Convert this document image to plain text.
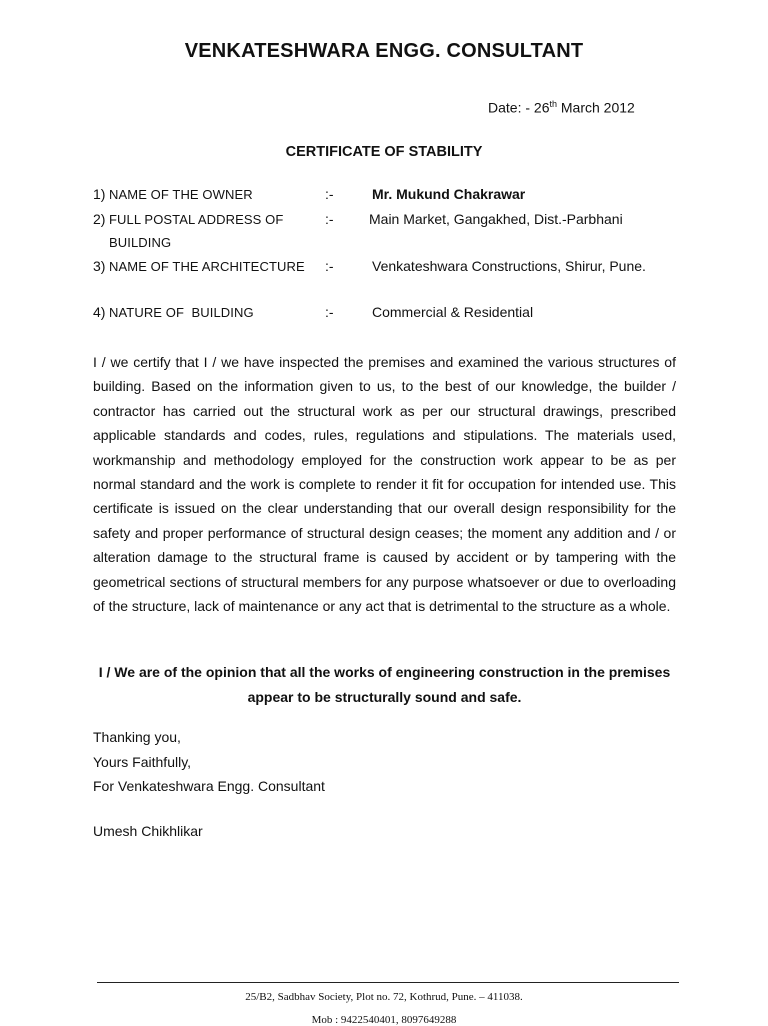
VENKATESHWARA ENGG. CONSULTANT
Date: - 26th March 2012
CERTIFICATE OF STABILITY
1) NAME OF THE OWNER	:-	Mr. Mukund Chakrawar
2) FULL POSTAL ADDRESS OF
BUILDING
:-	Main Market, Gangakhed, Dist.-Parbhani
3) NAME OF THE ARCHITECTURE :-	Venkateshwara Constructions, Shirur, Pune.
4) NATURE OF  BUILDING	:-	Commercial & Residential

I / we certify that I / we have inspected the premises and examined the various structures of building. Based on the information given to us, to the best of our knowledge, the builder / contractor has carried out the structural work as per our structural drawings, prescribed applicable standards and codes, rules, regulations and stipulations. The materials used, workmanship and methodology employed for the construction work appear to be as per normal standard and the work is complete to render it fit for occupation for intended use. This certificate is issued on the clear understanding that our overall design responsibility for the safety and proper performance of structural design ceases; the moment any addition and / or alteration damage to the structural frame is caused by accident or by tampering with the geometrical sections of structural members for any purpose whatsoever or due to overloading of the structure, lack of maintenance or any act that is detrimental to the structure as a whole.

I / We are of the opinion that all the works of engineering construction in the premises appear to be structurally sound and safe.

Thanking you,
Yours Faithfully,
For Venkateshwara Engg. Consultant
Umesh Chikhlikar
25/B2, Sadbhav Society, Plot no. 72, Kothrud, Pune. – 411038.
Mob : 9422540401, 8097649288
